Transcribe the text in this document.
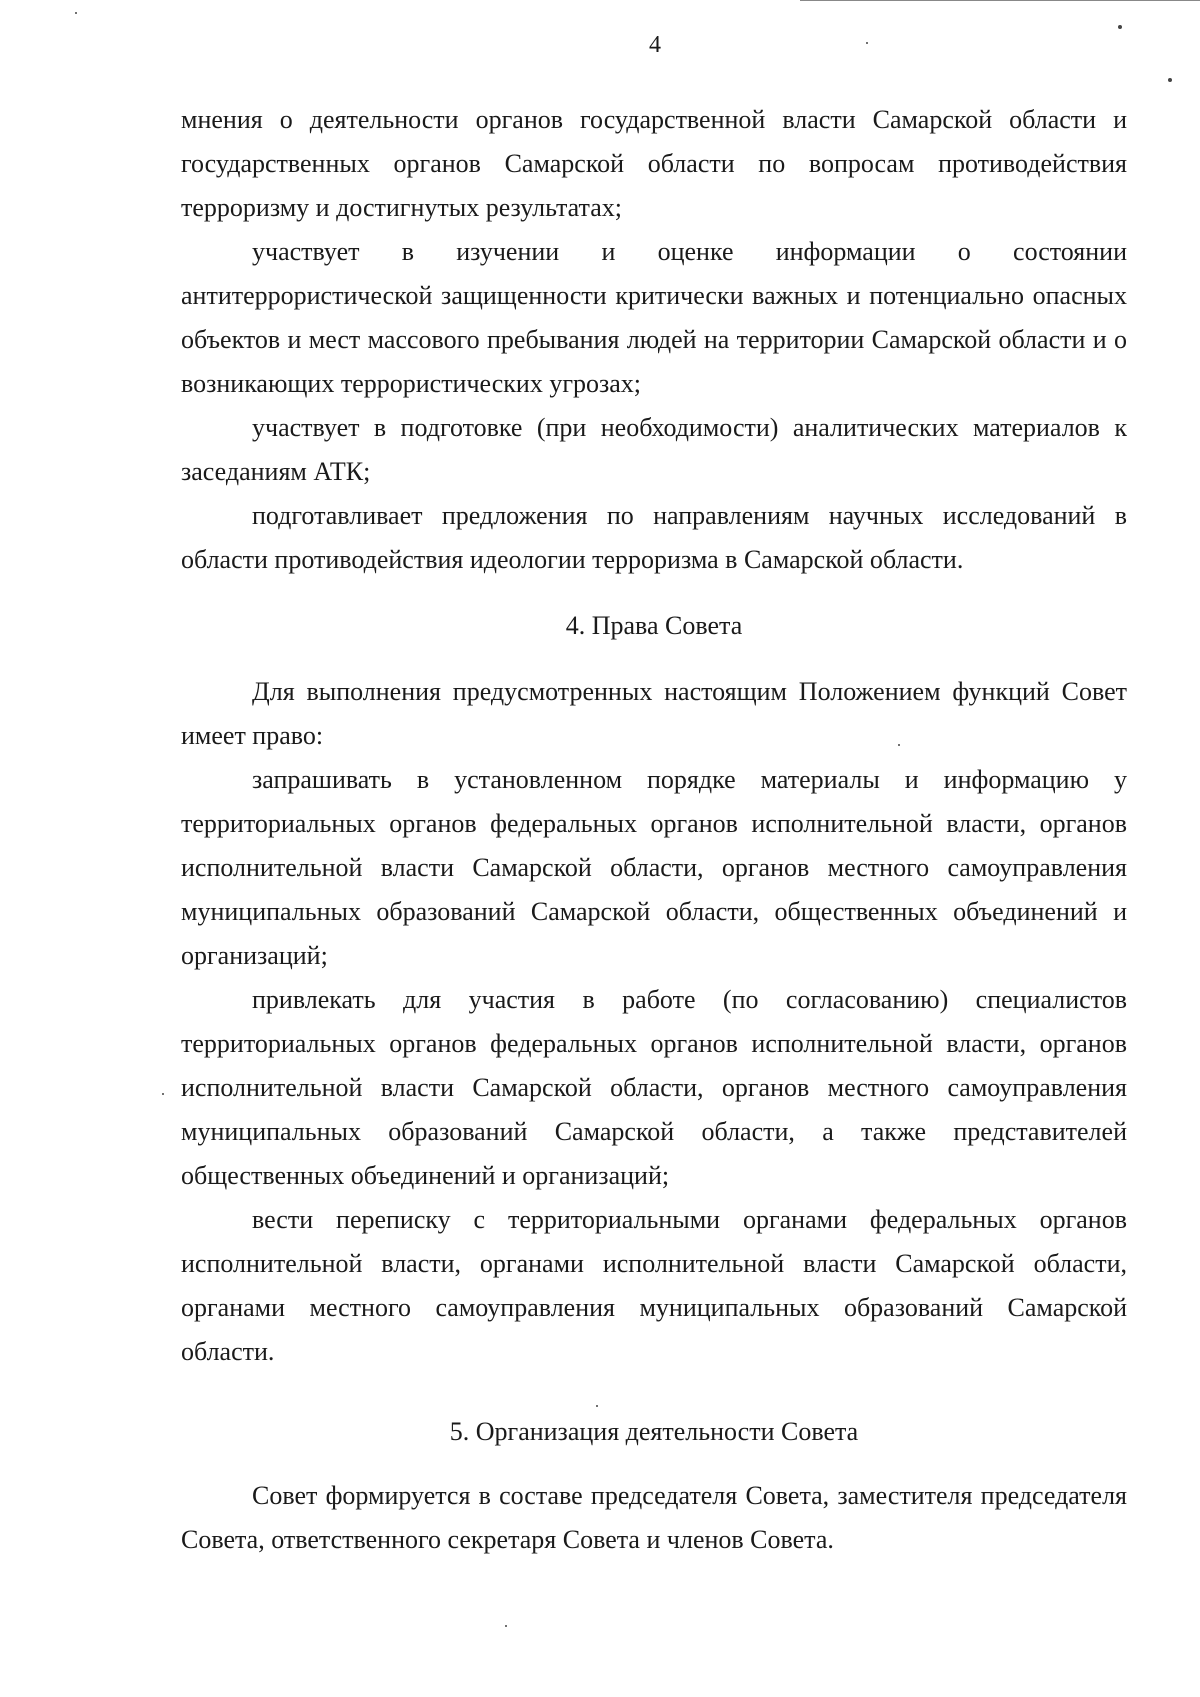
4

мнения о деятельности органов государственной власти Самарской области и государственных органов Самарской области по вопросам противодействия терроризму и достигнутых результатах;

участвует в изучении и оценке информации о состоянии антитеррористической защищенности критически важных и потенциально опасных объектов и мест массового пребывания людей на территории Самарской области и о возникающих террористических угрозах;

участвует в подготовке (при необходимости) аналитических материалов к заседаниям АТК;

подготавливает предложения по направлениям научных исследований в области противодействия идеологии терроризма в Самарской области.

4. Права Совета

Для выполнения предусмотренных настоящим Положением функций Совет имеет право:

запрашивать в установленном порядке материалы и информацию у территориальных органов федеральных органов исполнительной власти, органов исполнительной власти Самарской области, органов местного самоуправления муниципальных образований Самарской области, общественных объединений и организаций;

привлекать для участия в работе (по согласованию) специалистов территориальных органов федеральных органов исполнительной власти, органов исполнительной власти Самарской области, органов местного самоуправления муниципальных образований Самарской области, а также представителей общественных объединений и организаций;

вести переписку с территориальными органами федеральных органов исполнительной власти, органами исполнительной власти Самарской области, органами местного самоуправления муниципальных образований Самарской области.

5. Организация деятельности Совета

Совет формируется в составе председателя Совета, заместителя председателя Совета, ответственного секретаря Совета и членов Совета.
